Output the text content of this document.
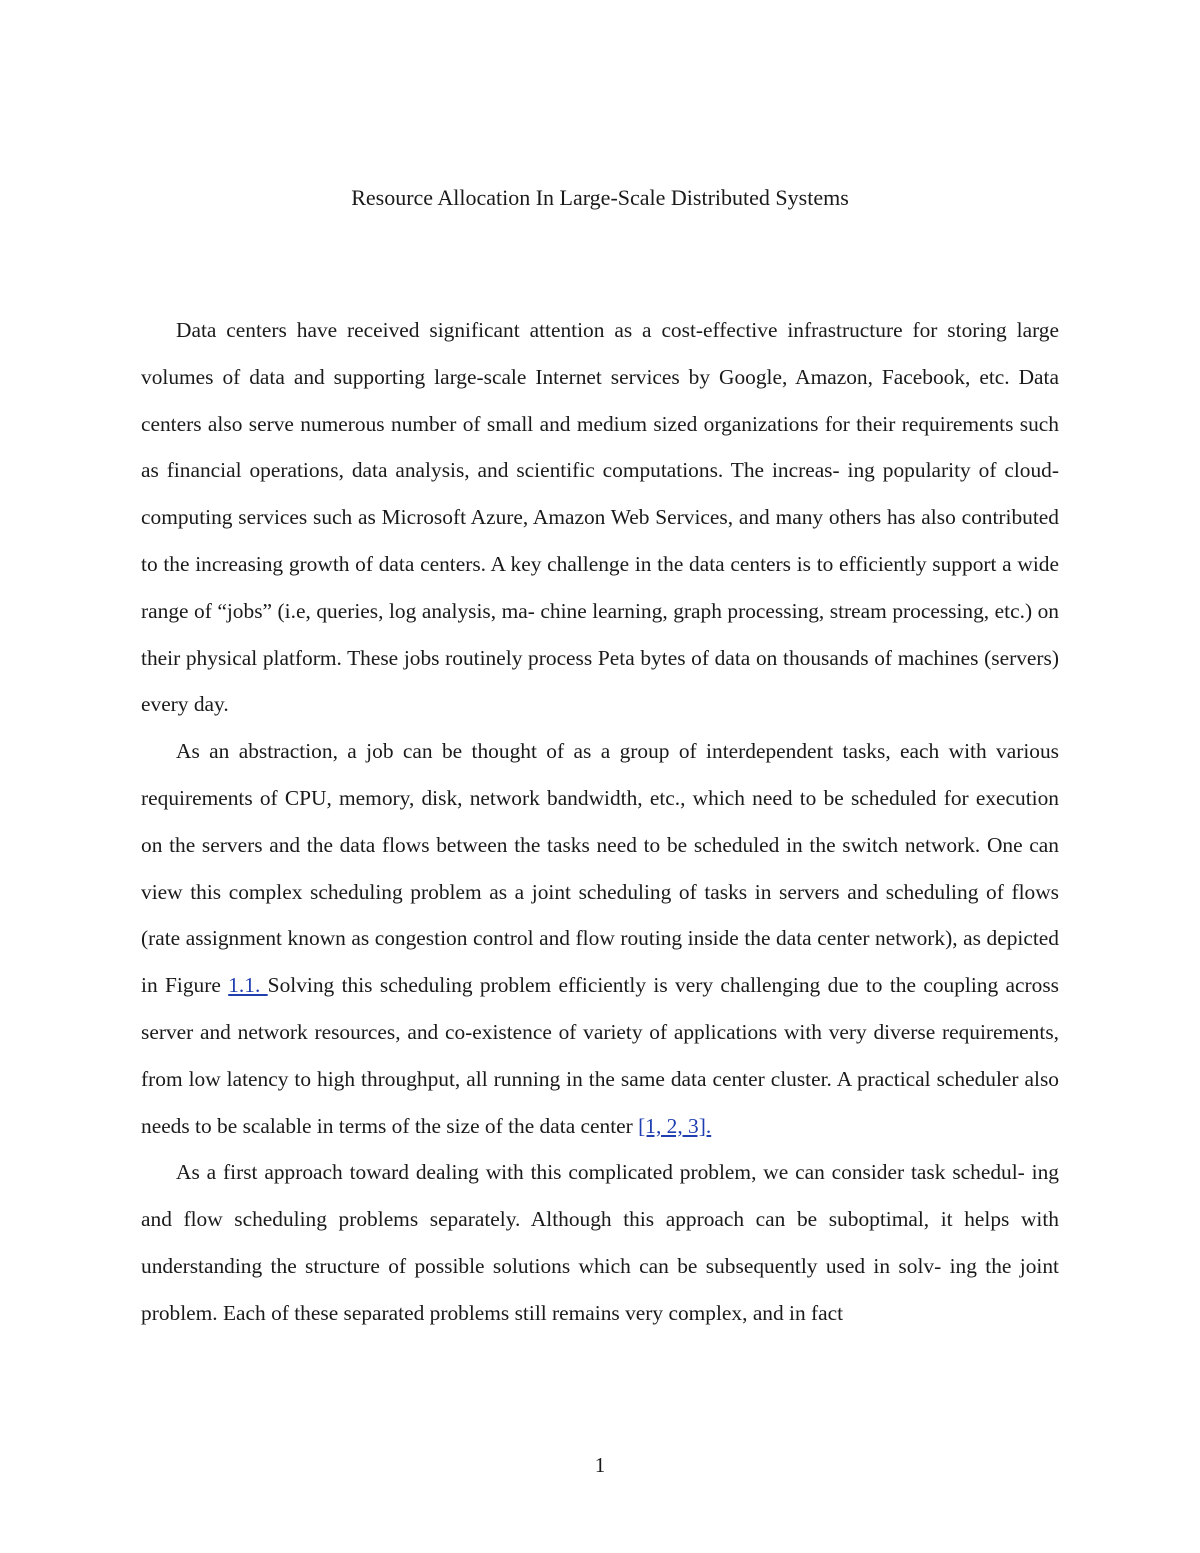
Resource Allocation In Large-Scale Distributed Systems

Data centers have received significant attention as a cost-effective infrastructure for storing large volumes of data and supporting large-scale Internet services by Google, Amazon, Facebook, etc. Data centers also serve numerous number of small and medium sized organizations for their requirements such as financial operations, data analysis, and scientific computations. The increas- ing popularity of cloud-computing services such as Microsoft Azure, Amazon Web Services, and many others has also contributed to the increasing growth of data centers. A key challenge in the data centers is to efficiently support a wide range of “jobs” (i.e, queries, log analysis, ma- chine learning, graph processing, stream processing, etc.) on their physical platform. These jobs routinely process Peta bytes of data on thousands of machines (servers) every day.

As an abstraction, a job can be thought of as a group of interdependent tasks, each with various requirements of CPU, memory, disk, network bandwidth, etc., which need to be scheduled for execution on the servers and the data flows between the tasks need to be scheduled in the switch network. One can view this complex scheduling problem as a joint scheduling of tasks in servers and scheduling of flows (rate assignment known as congestion control and flow routing inside the data center network), as depicted in Figure 1.1. Solving this scheduling problem efficiently is very challenging due to the coupling across server and network resources, and co-existence of variety of applications with very diverse requirements, from low latency to high throughput, all running in the same data center cluster. A practical scheduler also needs to be scalable in terms of the size of the data center [1, 2, 3].

As a first approach toward dealing with this complicated problem, we can consider task schedul- ing and flow scheduling problems separately. Although this approach can be suboptimal, it helps with understanding the structure of possible solutions which can be subsequently used in solv- ing the joint problem. Each of these separated problems still remains very complex, and in fact

1
